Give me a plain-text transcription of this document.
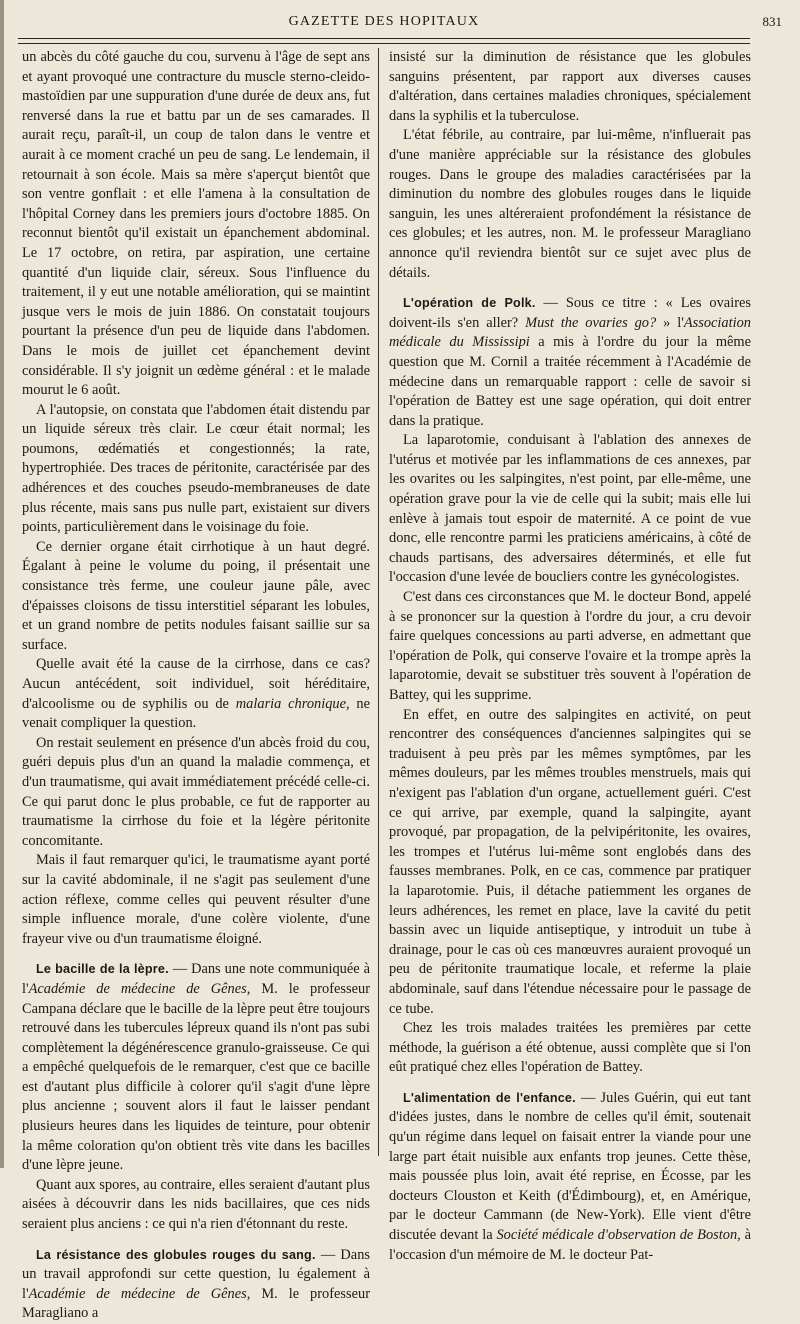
GAZETTE DES HOPITAUX	831

un abcès du côté gauche du cou, survenu à l'âge de sept ans et ayant provoqué une contracture du muscle sterno-cleido-mastoïdien par une suppuration d'une durée de deux ans, fut renversé dans la rue et battu par un de ses camarades. Il aurait reçu, paraît-il, un coup de talon dans le ventre et aurait à ce moment craché un peu de sang. Le lendemain, il retournait à son école. Mais sa mère s'aperçut bientôt que son ventre gonflait : et elle l'amena à la consultation de l'hôpital Corney dans les premiers jours d'octobre 1885. On reconnut bientôt qu'il existait un épanchement abdominal. Le 17 octobre, on retira, par aspiration, une certaine quantité d'un liquide clair, séreux. Sous l'influence du traitement, il y eut une notable amélioration, qui se maintint jusque vers le mois de juin 1886. On constatait toujours pourtant la présence d'un peu de liquide dans l'abdomen. Dans le mois de juillet cet épanchement devint considérable. Il s'y joignit un œdème général : et le malade mourut le 6 août.

A l'autopsie, on constata que l'abdomen était distendu par un liquide séreux très clair. Le cœur était normal; les poumons, œdématiés et congestionnés; la rate, hypertrophiée. Des traces de péritonite, caractérisée par des adhérences et des couches pseudo-membraneuses de date plus récente, mais sans pus nulle part, existaient sur divers points, particulièrement dans le voisinage du foie.

Ce dernier organe était cirrhotique à un haut degré. Égalant à peine le volume du poing, il présentait une consistance très ferme, une couleur jaune pâle, avec d'épaisses cloisons de tissu interstitiel séparant les lobules, et un grand nombre de petits nodules faisant saillie sur sa surface.

Quelle avait été la cause de la cirrhose, dans ce cas? Aucun antécédent, soit individuel, soit héréditaire, d'alcoolisme ou de syphilis ou de malaria chronique, ne venait compliquer la question.

On restait seulement en présence d'un abcès froid du cou, guéri depuis plus d'un an quand la maladie commença, et d'un traumatisme, qui avait immédiatement précédé celle-ci. Ce qui parut donc le plus probable, ce fut de rapporter au traumatisme la cirrhose du foie et la légère péritonite concomitante.

Mais il faut remarquer qu'ici, le traumatisme ayant porté sur la cavité abdominale, il ne s'agit pas seulement d'une action réflexe, comme celles qui peuvent résulter d'une simple influence morale, d'une colère violente, d'une frayeur vive ou d'un traumatisme éloigné.

Le bacille de la lèpre. — Dans une note communiquée à l'Académie de médecine de Gênes, M. le professeur Campana déclare que le bacille de la lèpre peut être toujours retrouvé dans les tubercules lépreux quand ils n'ont pas subi complètement la dégénérescence granulo-graisseuse. Ce qui a empêché quelquefois de le remarquer, c'est que ce bacille est d'autant plus difficile à colorer qu'il s'agit d'une lèpre plus ancienne ; souvent alors il faut le laisser pendant plusieurs heures dans les liquides de teinture, pour obtenir la même coloration qu'on obtient très vite dans les bacilles d'une lèpre jeune.

Quant aux spores, au contraire, elles seraient d'autant plus aisées à découvrir dans les nids bacillaires, que ces nids seraient plus anciens : ce qui n'a rien d'étonnant du reste.

La résistance des globules rouges du sang. — Dans un travail approfondi sur cette question, lu également à l'Académie de médecine de Gênes, M. le professeur Maragliano a

insisté sur la diminution de résistance que les globules sanguins présentent, par rapport aux diverses causes d'altération, dans certaines maladies chroniques, spécialement dans la syphilis et la tuberculose.

L'état fébrile, au contraire, par lui-même, n'influerait pas d'une manière appréciable sur la résistance des globules rouges. Dans le groupe des maladies caractérisées par la diminution du nombre des globules rouges dans le liquide sanguin, les unes altéreraient profondément la résistance de ces globules; et les autres, non. M. le professeur Maragliano annonce qu'il reviendra bientôt sur ce sujet avec plus de détails.

L'opération de Polk. — Sous ce titre : « Les ovaires doivent-ils s'en aller? Must the ovaries go? » l'Association médicale du Mississipi a mis à l'ordre du jour la même question que M. Cornil a traitée récemment à l'Académie de médecine dans un remarquable rapport : celle de savoir si l'opération de Battey est une sage opération, qui doit entrer dans la pratique.

La laparotomie, conduisant à l'ablation des annexes de l'utérus et motivée par les inflammations de ces annexes, par les ovarites ou les salpingites, n'est point, par elle-même, une opération grave pour la vie de celle qui la subit; mais elle lui enlève à jamais tout espoir de maternité. A ce point de vue donc, elle rencontre parmi les praticiens américains, à côté de chauds partisans, des adversaires déterminés, et elle fut l'occasion d'une levée de boucliers contre les gynécologistes.

C'est dans ces circonstances que M. le docteur Bond, appelé à se prononcer sur la question à l'ordre du jour, a cru devoir faire quelques concessions au parti adverse, en admettant que l'opération de Polk, qui conserve l'ovaire et la trompe après la laparotomie, devait se substituer très souvent à l'opération de Battey, qui les supprime.

En effet, en outre des salpingites en activité, on peut rencontrer des conséquences d'anciennes salpingites qui se traduisent à peu près par les mêmes symptômes, par les mêmes douleurs, par les mêmes troubles menstruels, mais qui n'exigent pas l'ablation d'un organe, actuellement guéri. C'est ce qui arrive, par exemple, quand la salpingite, ayant provoqué, par propagation, de la pelvipéritonite, les ovaires, les trompes et l'utérus lui-même sont englobés dans des fausses membranes. Polk, en ce cas, commence par pratiquer la laparotomie. Puis, il détache patiemment les organes de leurs adhérences, les remet en place, lave la cavité du petit bassin avec un liquide antiseptique, y introduit un tube à drainage, pour le cas où ces manœuvres auraient provoqué un peu de péritonite traumatique locale, et referme la plaie abdominale, sauf dans l'étendue nécessaire pour le passage de ce tube.

Chez les trois malades traitées les premières par cette méthode, la guérison a été obtenue, aussi complète que si l'on eût pratiqué chez elles l'opération de Battey.

L'alimentation de l'enfance. — Jules Guérin, qui eut tant d'idées justes, dans le nombre de celles qu'il émit, soutenait qu'un régime dans lequel on faisait entrer la viande pour une large part était nuisible aux enfants trop jeunes. Cette thèse, mais poussée plus loin, avait été reprise, en Écosse, par les docteurs Clouston et Keith (d'Édimbourg), et, en Amérique, par le docteur Cammann (de New-York). Elle vient d'être discutée devant la Société médicale d'observation de Boston, à l'occasion d'un mémoire de M. le docteur Pat-
